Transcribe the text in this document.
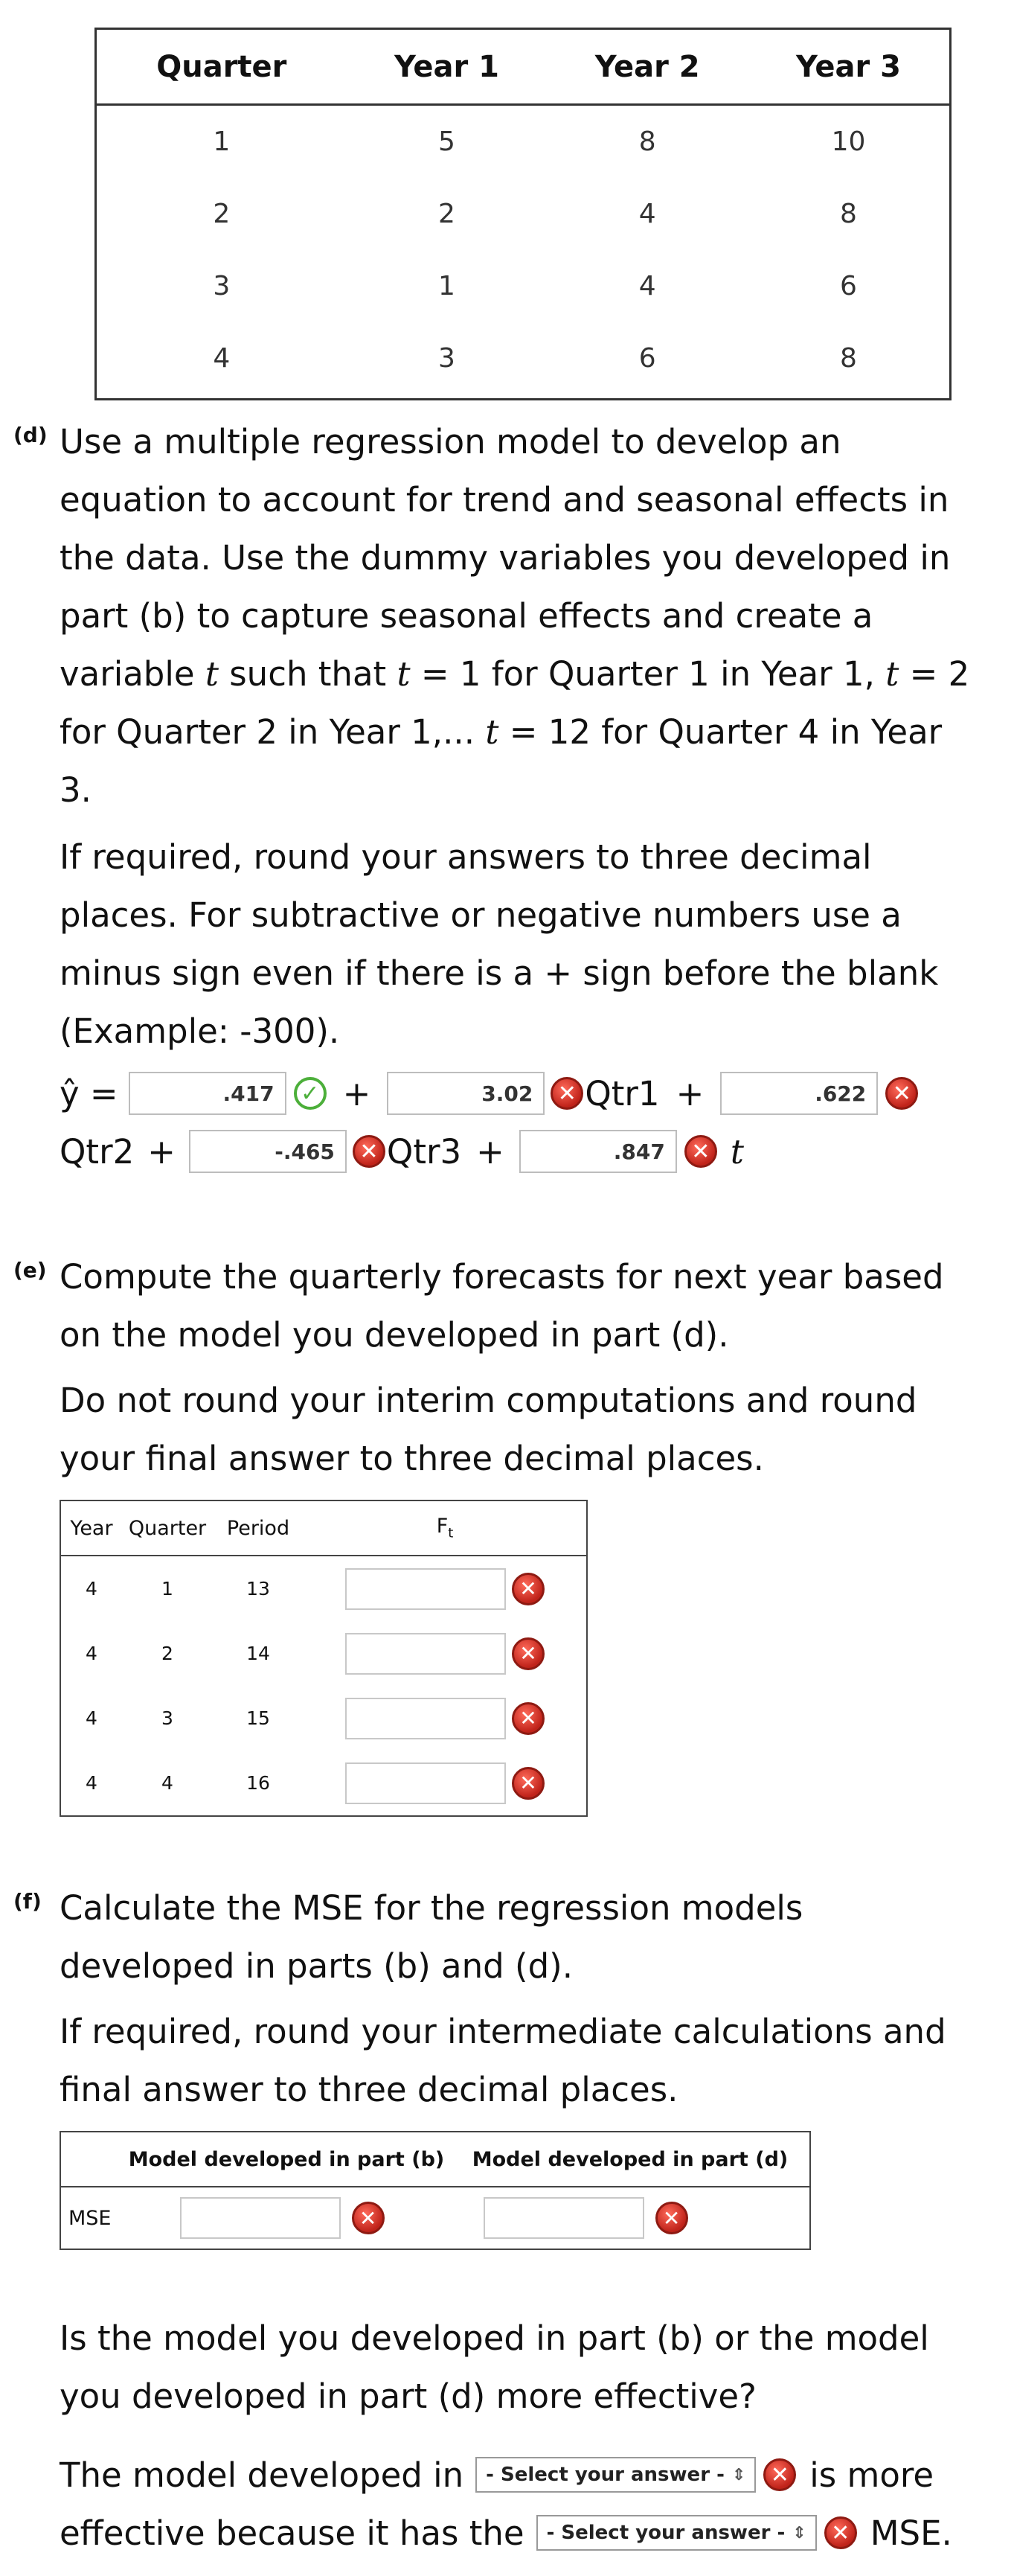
Quarter	Year 1	Year 2	Year 3
1	5	8	10
2	2	4	8
3	1	4	6
4	3	6	8
(d) Use a multiple regression model to develop an
equation to account for trend and seasonal effects in
the data. Use the dummy variables you developed in
part (b) to capture seasonal effects and create a
variable t such that t = 1 for Quarter 1 in Year 1, t = 2
for Quarter 2 in Year 1,... t = 12 for Quarter 4 in Year
3.
If required, round your answers to three decimal
places. For subtractive or negative numbers use a
minus sign even if there is a + sign before the blank
(Example: -300).
ŷ =	.417	✓ +	3.02	✕ Qtr1 +	.622	✕
Qtr2 +	-.465	✕ Qtr3 +	.847	✕ t
(e) Compute the quarterly forecasts for next year based
on the model you developed in part (d).
Do not round your interim computations and round
your final answer to three decimal places.
Year	Quarter	Period	$F_t$
4	1	13	✕
4	2	14	✕
4	3	15	✕
4	4	16	✕
(f) Calculate the MSE for the regression models
developed in parts (b) and (d).
If required, round your intermediate calculations and
final answer to three decimal places.
	Model developed in part (b)	Model developed in part (d)
MSE	✕	✕
Is the model you developed in part (b) or the model
you developed in part (d) more effective?
The model developed in - Select your answer - ⇕	✕ is more
effective because it has the - Select your answer - ⇕	✕ MSE.
